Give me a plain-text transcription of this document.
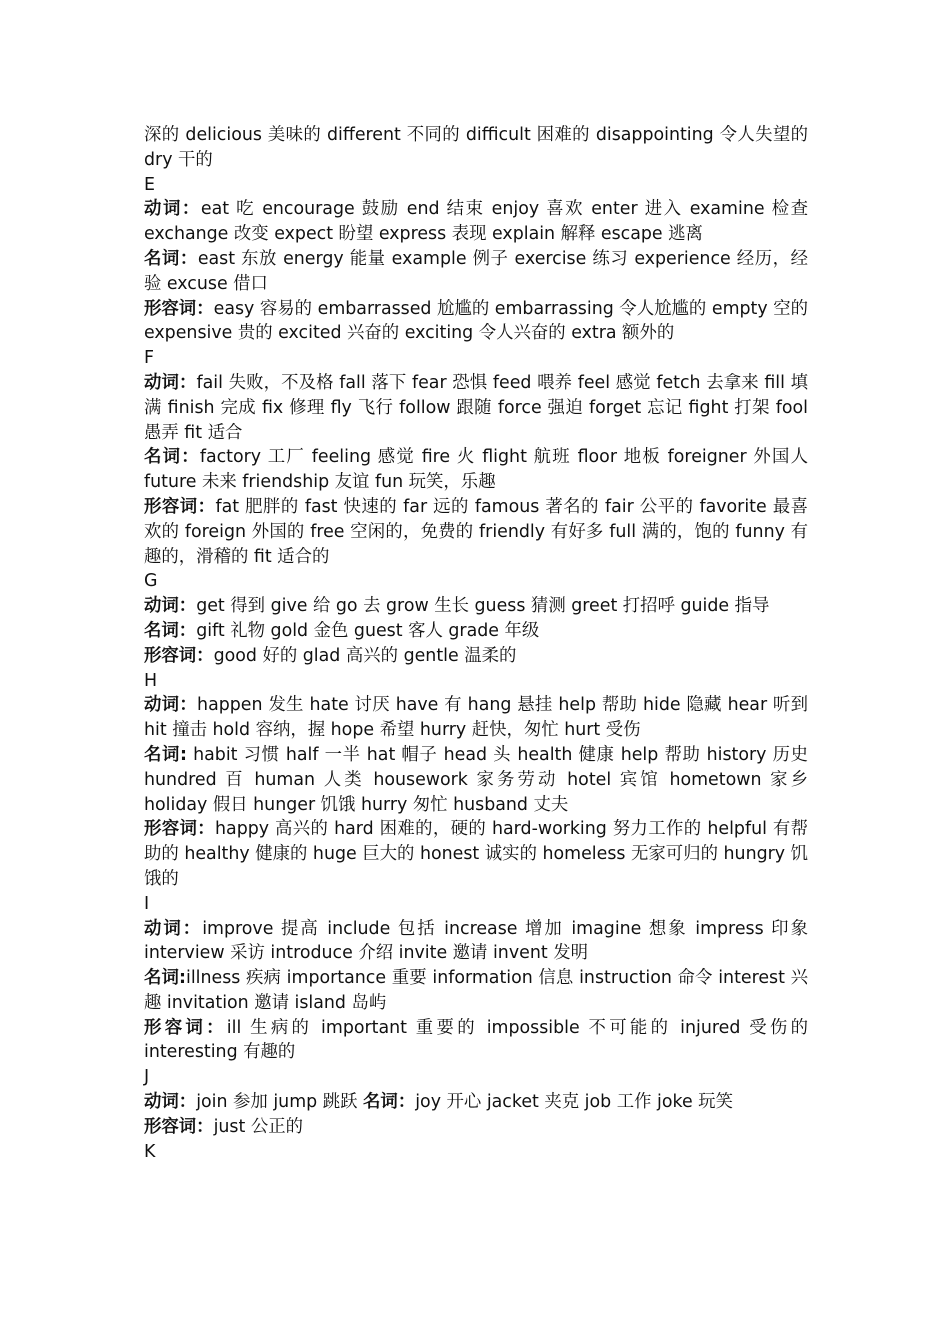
深的 delicious 美味的 different 不同的 difficult 困难的 disappointing 令人失望的 dry 干的

E

动词：eat 吃 encourage 鼓励 end 结束 enjoy 喜欢 enter 进入 examine 检查 exchange 改变 expect 盼望 express 表现 explain 解释 escape 逃离

名词：east 东放 energy 能量 example 例子 exercise 练习 experience 经历，经验 excuse 借口

形容词：easy 容易的 embarrassed 尬尴的 embarrassing 令人尬尴的 empty 空的 expensive 贵的 excited 兴奋的 exciting 令人兴奋的 extra 额外的

F

动词：fail 失败，不及格 fall 落下 fear 恐惧 feed 喂养 feel 感觉 fetch 去拿来 fill 填满 finish 完成 fix 修理 fly 飞行 follow 跟随 force 强迫 forget 忘记 fight 打架 fool 愚弄 fit 适合

名词：factory 工厂 feeling 感觉 fire 火 flight 航班 floor 地板 foreigner 外国人 future 未来 friendship 友谊 fun 玩笑，乐趣

形容词：fat 肥胖的 fast 快速的 far 远的 famous 著名的 fair 公平的 favorite 最喜欢的 foreign 外国的 free 空闲的，免费的 friendly 有好多 full 满的，饱的 funny 有趣的，滑稽的 fit 适合的

G

动词：get 得到 give 给 go 去 grow 生长 guess 猜测 greet 打招呼 guide 指导

名词：gift 礼物 gold 金色 guest 客人 grade 年级

形容词：good 好的 glad 高兴的 gentle 温柔的

H

动词：happen 发生 hate 讨厌 have 有 hang 悬挂 help 帮助 hide 隐藏 hear 听到 hit 撞击 hold 容纳，握 hope 希望 hurry 赶快，匆忙 hurt 受伤

名词: habit 习惯 half 一半 hat 帽子 head 头 health 健康 help 帮助 history 历史 hundred 百 human 人类 housework 家务劳动 hotel 宾馆 hometown 家乡 holiday 假日 hunger 饥饿 hurry 匆忙 husband 丈夫

形容词：happy 高兴的 hard 困难的，硬的 hard-working 努力工作的 helpful 有帮助的 healthy 健康的 huge 巨大的 honest 诚实的 homeless 无家可归的 hungry 饥饿的

I

动词：improve 提高 include 包括 increase 增加 imagine 想象 impress 印象 interview 采访 introduce 介绍 invite 邀请 invent 发明

名词:illness 疾病 importance 重要 information 信息 instruction 命令 interest 兴趣 invitation 邀请 island 岛屿

形容词：ill 生病的 important 重要的 impossible 不可能的 injured 受伤的 interesting 有趣的

J

动词：join 参加 jump 跳跃 名词：joy 开心 jacket 夹克 job 工作 joke 玩笑

形容词：just 公正的

K
